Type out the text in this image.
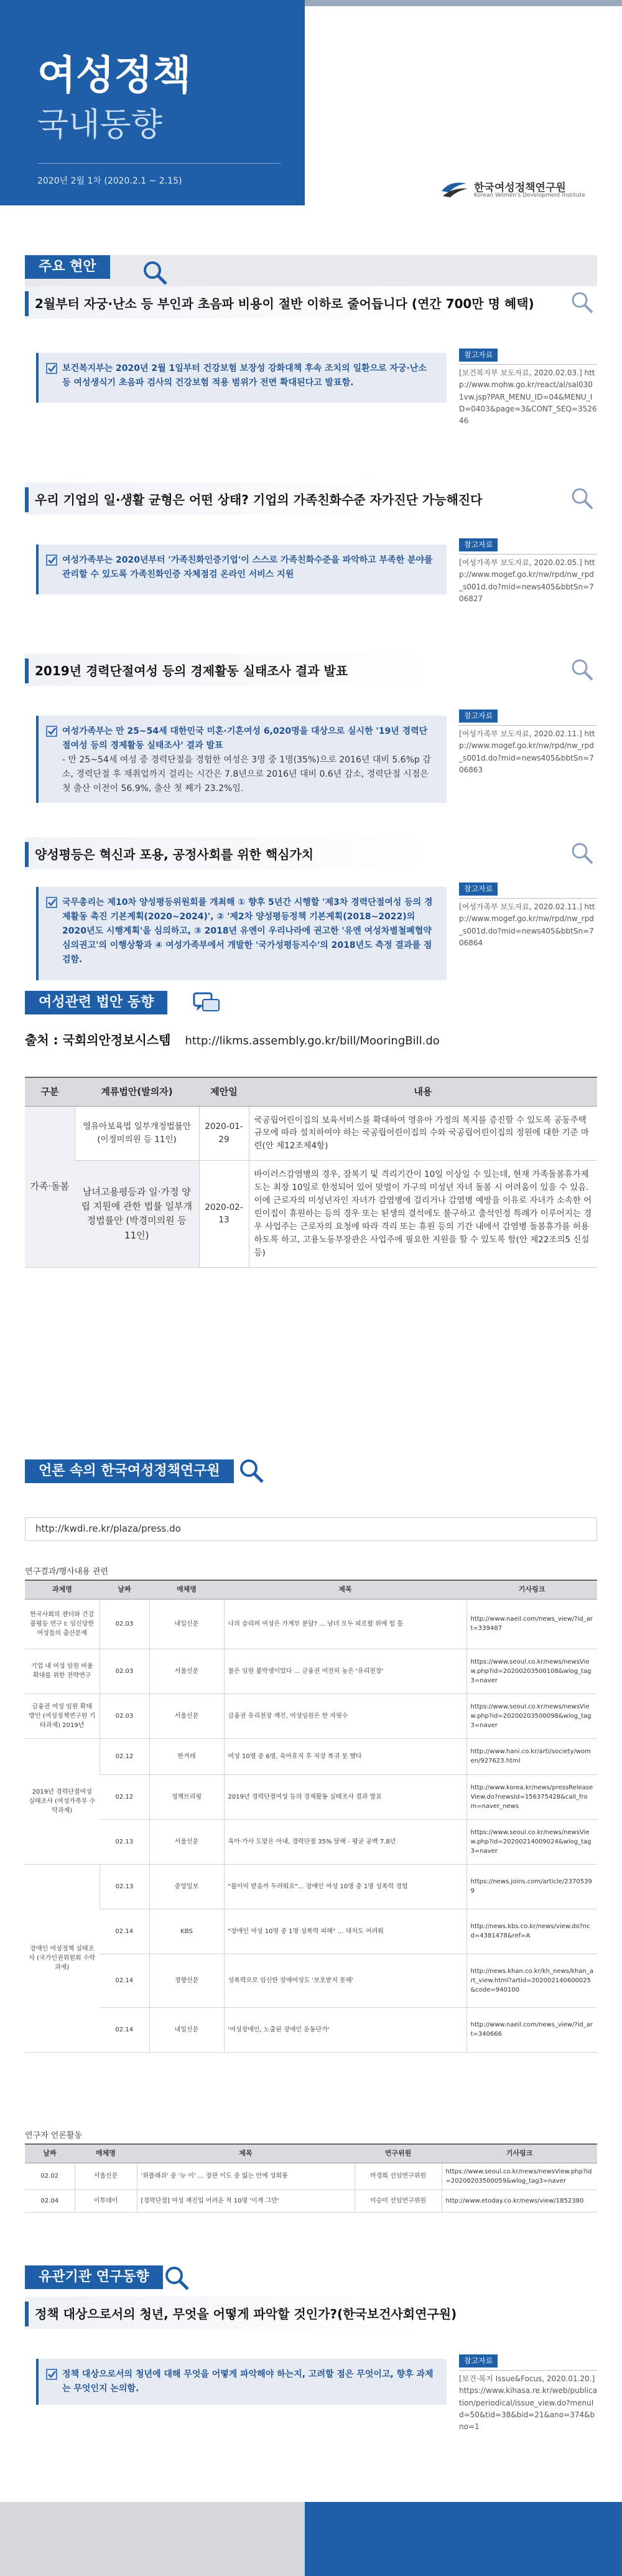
여성정책
국내동향
2020년 2월 1차 (2020.2.1 ~ 2.15)
한국여성정책연구원
Korean Women's Development Institute
주요 현안
2월부터 자궁·난소 등 부인과 초음파 비용이 절반 이하로 줄어듭니다 (연간 700만 명 혜택)
보건복지부는 2020년 2월 1일부터 건강보험 보장성 강화대책 후속 조치의 일환으로 자궁·난소 등 여성생식기 초음파 검사의 건강보험 적용 범위가 전면 확대된다고 발표함.
참고자료
[보건복지부 보도자료, 2020.02.03.] http://www.mohw.go.kr/react/al/sal0301vw.jsp?PAR_MENU_ID=04&MENU_ID=0403&page=3&CONT_SEQ=352646
우리 기업의 일·생활 균형은 어떤 상태? 기업의 가족친화수준 자가진단 가능해진다
여성가족부는 2020년부터 '가족친화인증기업'이 스스로 가족친화수준을 파악하고 부족한 분야를 관리할 수 있도록 가족친화인증 자체점검 온라인 서비스 지원
참고자료
[여성가족부 보도자료, 2020.02.05.] http://www.mogef.go.kr/nw/rpd/nw_rpd_s001d.do?mid=news405&bbtSn=706827
2019년 경력단절여성 등의 경제활동 실태조사 결과 발표
여성가족부는 만 25~54세 대한민국 미혼·기혼여성 6,020명을 대상으로 실시한 '19년 경력단절여성 등의 경제활동 실태조사' 결과 발표
- 만 25~54세 여성 중 경력단절을 경험한 여성은 3명 중 1명(35%)으로 2016년 대비 5.6%p 감소, 경력단절 후 재취업까지 걸리는 시간은 7.8년으로 2016년 대비 0.6년 감소, 경력단절 시점은 첫 출산 이전이 56.9%, 출산 첫 째가 23.2%임.
참고자료
[여성가족부 보도자료, 2020.02.11.] http://www.mogef.go.kr/nw/rpd/nw_rpd_s001d.do?mid=news405&bbtSn=706863
양성평등은 혁신과 포용, 공정사회를 위한 핵심가치
국무총리는 제10차 양성평등위원회를 개최해 ① 향후 5년간 시행할 '제3차 경력단절여성 등의 경제활동 촉진 기본계획(2020~2024)', ② '제2차 양성평등정책 기본계획(2018~2022)의 2020년도 시행계획'을 심의하고, ③ 2018년 유엔이 우리나라에 권고한 '유엔 여성차별철폐협약 심의권고'의 이행상황과 ④ 여성가족부에서 개발한 '국가성평등지수'의 2018년도 측정 결과를 점검함.
참고자료
[여성가족부 보도자료, 2020.02.11.] http://www.mogef.go.kr/nw/rpd/nw_rpd_s001d.do?mid=news405&bbtSn=706864
여성관련 법안 동향
출처 : 국회의안정보시스템 http://likms.assembly.go.kr/bill/MooringBill.do
구분	계류법안(발의자)	제안일	내용
가족·돌봄	영유아보육법 일부개정법률안 (이정미의원 등 11인)	2020-01-29	국공립어린이집의 보육서비스를 확대하여 영유아 가정의 복지를 증진할 수 있도록 공동주택 규모에 따라 설치하여야 하는 국공립어린이집의 수와 국공립어린이집의 정원에 대한 기준 마련(안 제12조제4항)
	남녀고용평등과 일·가정 양립 지원에 관한 법률 일부개정법률안 (박경미의원 등 11인)	2020-02-13	바이러스감염병의 경우, 잠복기 및 격리기간이 10일 이상일 수 있는데, 현재 가족돌봄휴가제도는 최장 10일로 한정되어 있어 맞벌이 가구의 미성년 자녀 돌봄 시 어려움이 있을 수 있음. 이에 근로자의 미성년자인 자녀가 감염병에 걸리거나 감염병 예방을 이유로 자녀가 소속한 어린이집이 휴원하는 등의 경우 또는 된생의 결석에도 불구하고 출석인정 특례가 이루어지는 경우 사업주는 근로자의 요청에 따라 격리 또는 휴원 등의 기간 내에서 감염병 돌봄휴가를 허용하도록 하고, 고용노동부장관은 사업주에 필요한 지원을 할 수 있도록 함(안 제22조의5 신설 등)
언론 속의 한국여성정책연구원
http://kwdi.re.kr/plaza/press.do
연구결과/행사내용 관련
과제명	날짜	매체명	제목	기사링크
한국사회의 젠더와 건강 불평등 연구 Ⅰ: 임신당한 여성들의 출산문제	02.03	내일신문	나의 슬리퍼 여성은 가계부 분담? ... 남녀 모두 피로할 위에 힘 틀	http://www.naeil.com/news_view/?id_art=339487
기업 내 여성 임원 비율 확대를 위한 전략연구	02.03	서울신문	물은 임원 불박생이었다 ... 금융권 여전히 높은 '유리천장'	https://www.seoul.co.kr/news/newsView.php?id=20200203500108&wlog_tag3=naver
금융권 여성 임원 확대 방안 (여성정책연구원 기타과제) 2019년	02.03	서울신문	금융권 유리천장 깨진, 여성임원은 한 자릿수	https://www.seoul.co.kr/news/newsView.php?id=20200203500098&wlog_tag3=naver
2019년 경력단절여성 실태조사 (여성가족부 수탁과제)	02.12	한겨레	여성 10명 중 6명, 육아휴직 후 직장 복귀 못 했다	http://www.hani.co.kr/arti/society/women/927623.html
	02.12	정책브리핑	2019년 경력단절여성 등의 경제활동 실태조사 결과 발표	http://www.korea.kr/news/pressReleaseView.do?newsId=156375428&call_from=naver_news
	02.13	서울신문	육아·가사 도맡은 아내, 경력단절 35% 달해 - 평균 공백 7.8년	https://www.seoul.co.kr/news/newsView.php?id=20200214009024&wlog_tag3=naver
장애인 여성정책 실태조사 (국가인권위원회 수탁과제)	02.13	중앙일보	"불이익 받을까 두려워요"… 장애인 여성 10명 중 1명 성폭력 경험	https://news.joins.com/article/23705399
	02.14	KBS	"장애인 여성 10명 중 1명 성폭력 피해" … 대처도 어려워	http://news.kbs.co.kr/news/view.do?ncd=4381478&ref=A
	02.14	경향신문	성폭력으로 임신한 장애여성도 '보호받지 못해'	http://news.khan.co.kr/kh_news/khan_art_view.html?artid=202002140600025&code=940100
	02.14	내일신문	'여성장애인, 노출된 장애인 운동단가'	http://www.naeil.com/news_view/?id_art=340666
연구자 언론활동
날짜	매체명	제목	연구위원	기사링크
02.02	서울신문	'위플래쉬' 중 '뉴 이' … 장관 이도 중 잃는 안에 성희롱	마경희 선임연구위원	https://www.seoul.co.kr/news/newsView.php?id=20200203500059&wlog_tag3=naver
02.04	이투데이	[경력단절] 여성 재진입 어려운 적 10명 '이게 그만'	이승미 선임연구위원	http://www.etoday.co.kr/news/view/1852380
유관기관 연구동향
정책 대상으로서의 청년, 무엇을 어떻게 파악할 것인가?(한국보건사회연구원)
정책 대상으로서의 청년에 대해 무엇을 어떻게 파악해야 하는지, 고려할 점은 무엇이고, 향후 과제는 무엇인지 논의함.
참고자료
[보건·복지 Issue&Focus, 2020.01.20.] https://www.kihasa.re.kr/web/publication/periodical/issue_view.do?menuId=50&tid=38&bid=21&ano=374&bno=1
